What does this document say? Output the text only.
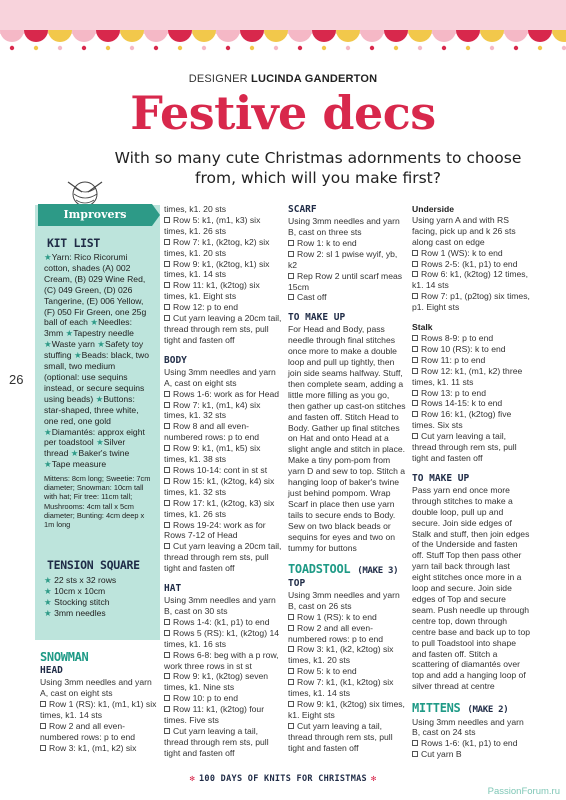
DESIGNER LUCINDA GANDERTON
Festive decs
With so many cute Christmas adornments to choose from, which will you make first?
Improvers
26
KIT LIST
★Yarn: Rico Ricorumi cotton, shades (A) 002 Cream, (B) 029 Wine Red, (C) 049 Green, (D) 026 Tangerine, (E) 006 Yellow, (F) 050 Fir Green, one 25g ball of each ★Needles: 3mm ★Tapestry needle ★Waste yarn ★Safety toy stuffing ★Beads: black, two small, two medium (optional: use sequins instead, or secure sequins using beads) ★Buttons: star-shaped, three white, one red, one gold ★Diamantés: approx eight per toadstool ★Silver thread ★Baker's twine ★Tape measure
Mittens: 8cm long; Sweetie: 7cm diameter; Snowman: 10cm tall with hat; Fir tree: 11cm tall; Mushrooms: 4cm tall x 5cm diameter; Bunting: 4cm deep x 1m long
TENSION SQUARE
★ 22 sts x 32 rows
★ 10cm x 10cm
★ Stocking stitch
★ 3mm needles
SNOWMAN
HEAD
Using 3mm needles and yarn A, cast on eight sts
Row 1 (RS): k1, (m1, k1) six times, k1. 14 sts
Row 2 and all even-numbered rows: p to end
Row 3: k1, (m1, k2) six
times, k1. 20 sts
Row 5: k1, (m1, k3) six times, k1. 26 sts
Row 7: k1, (k2tog, k2) six times, k1. 20 sts
Row 9: k1, (k2tog, k1) six times, k1. 14 sts
Row 11: k1, (k2tog) six times, k1. Eight sts
Row 12: p to end
Cut yarn leaving a 20cm tail, thread through rem sts, pull tight and fasten off
BODY
Using 3mm needles and yarn A, cast on eight sts
Rows 1-6: work as for Head
Row 7: k1, (m1, k4) six times, k1. 32 sts
Row 8 and all even-numbered rows: p to end
Row 9: k1, (m1, k5) six times, k1. 38 sts
Rows 10-14: cont in st st
Row 15: k1, (k2tog, k4) six times, k1. 32 sts
Row 17: k1, (k2tog, k3) six times, k1. 26 sts
Rows 19-24: work as for Rows 7-12 of Head
Cut yarn leaving a 20cm tail, thread through rem sts, pull tight and fasten off
HAT
Using 3mm needles and yarn B, cast on 30 sts
Rows 1-4: (k1, p1) to end
Rows 5 (RS): k1, (k2tog) 14 times, k1. 16 sts
Rows 6-8: beg with a p row, work three rows in st st
Row 9: k1, (k2tog) seven times, k1. Nine sts
Row 10: p to end
Row 11: k1, (k2tog) four times. Five sts
Cut yarn leaving a tail, thread through rem sts, pull tight and fasten off
SCARF
Using 3mm needles and yarn B, cast on three sts
Row 1: k to end
Row 2: sl 1 pwise wyif, yb, k2
Rep Row 2 until scarf meas 15cm
Cast off
TO MAKE UP
For Head and Body, pass needle through final stitches once more to make a double loop and pull up tightly, then join side seams halfway. Stuff, then complete seam, adding a little more filling as you go, then gather up cast-on stitches and fasten off. Stitch Head to Body. Gather up final stitches on Hat and onto Head at a slight angle and stitch in place. Make a tiny pom-pom from yarn D and sew to top. Stitch a hanging loop of baker's twine just behind pompom. Wrap Scarf in place then use yarn tails to secure ends to Body. Sew on two black beads or sequins for eyes and two on tummy for buttons
TOADSTOOL (MAKE 3)
TOP
Using 3mm needles and yarn B, cast on 26 sts
Row 1 (RS): k to end
Row 2 and all even-numbered rows: p to end
Row 3: k1, (k2, k2tog) six times, k1. 20 sts
Row 5: k to end
Row 7: k1, (k1, k2tog) six times, k1. 14 sts
Row 9: k1, (k2tog) six times, k1. Eight sts
Cut yarn leaving a tail, thread through rem sts, pull tight and fasten off
Underside
Using yarn A and with RS facing, pick up and k 26 sts along cast on edge
Row 1 (WS): k to end
Rows 2-5: (k1, p1) to end
Row 6: k1, (k2tog) 12 times, k1. 14 sts
Row 7: p1, (p2tog) six times, p1. Eight sts
Stalk
Rows 8-9: p to end
Row 10 (RS): k to end
Row 11: p to end
Row 12: k1, (m1, k2) three times, k1. 11 sts
Row 13: p to end
Rows 14-15: k to end
Row 16: k1, (k2tog) five times. Six sts
Cut yarn leaving a tail, thread through rem sts, pull tight and fasten off
TO MAKE UP
Pass yarn end once more through stitches to make a double loop, pull up and secure. Join side edges of Stalk and stuff, then join edges of the Underside and fasten off. Stuff Top then pass other yarn tail back through last eight stitches once more in a loop and secure. Join side edges of Top and secure seam. Push needle up through centre top, down through centre base and back up to top to pull Toadstool into shape and fasten off. Stitch a scattering of diamantés over top and add a hanging loop of silver thread at centre
MITTENS (MAKE 2)
Using 3mm needles and yarn B, cast on 24 sts
Rows 1-6: (k1, p1) to end
Cut yarn B
✻ 100 DAYS OF KNITS FOR CHRISTMAS ✻
PassionForum.ru
